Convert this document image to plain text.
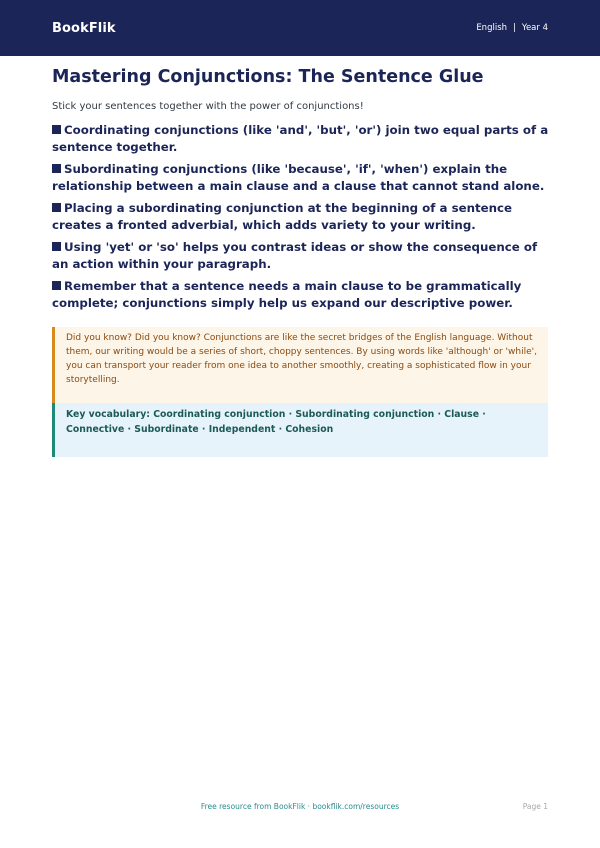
BookFlik	English | Year 4
Mastering Conjunctions: The Sentence Glue

Stick your sentences together with the power of conjunctions!

Coordinating conjunctions (like 'and', 'but', 'or') join two equal parts of a sentence together.
Subordinating conjunctions (like 'because', 'if', 'when') explain the relationship between a main clause and a clause that cannot stand alone.
Placing a subordinating conjunction at the beginning of a sentence creates a fronted adverbial, which adds variety to your writing.
Using 'yet' or 'so' helps you contrast ideas or show the consequence of an action within your paragraph.
Remember that a sentence needs a main clause to be grammatically complete; conjunctions simply help us expand our descriptive power.
Did you know? Did you know? Conjunctions are like the secret bridges of the English language. Without them, our writing would be a series of short, choppy sentences. By using words like 'although' or 'while', you can transport your reader from one idea to another smoothly, creating a sophisticated flow in your storytelling.
Key vocabulary: Coordinating conjunction · Subordinating conjunction · Clause · Connective · Subordinate · Independent · Cohesion
Free resource from BookFlik · bookflik.com/resources	Page 1
